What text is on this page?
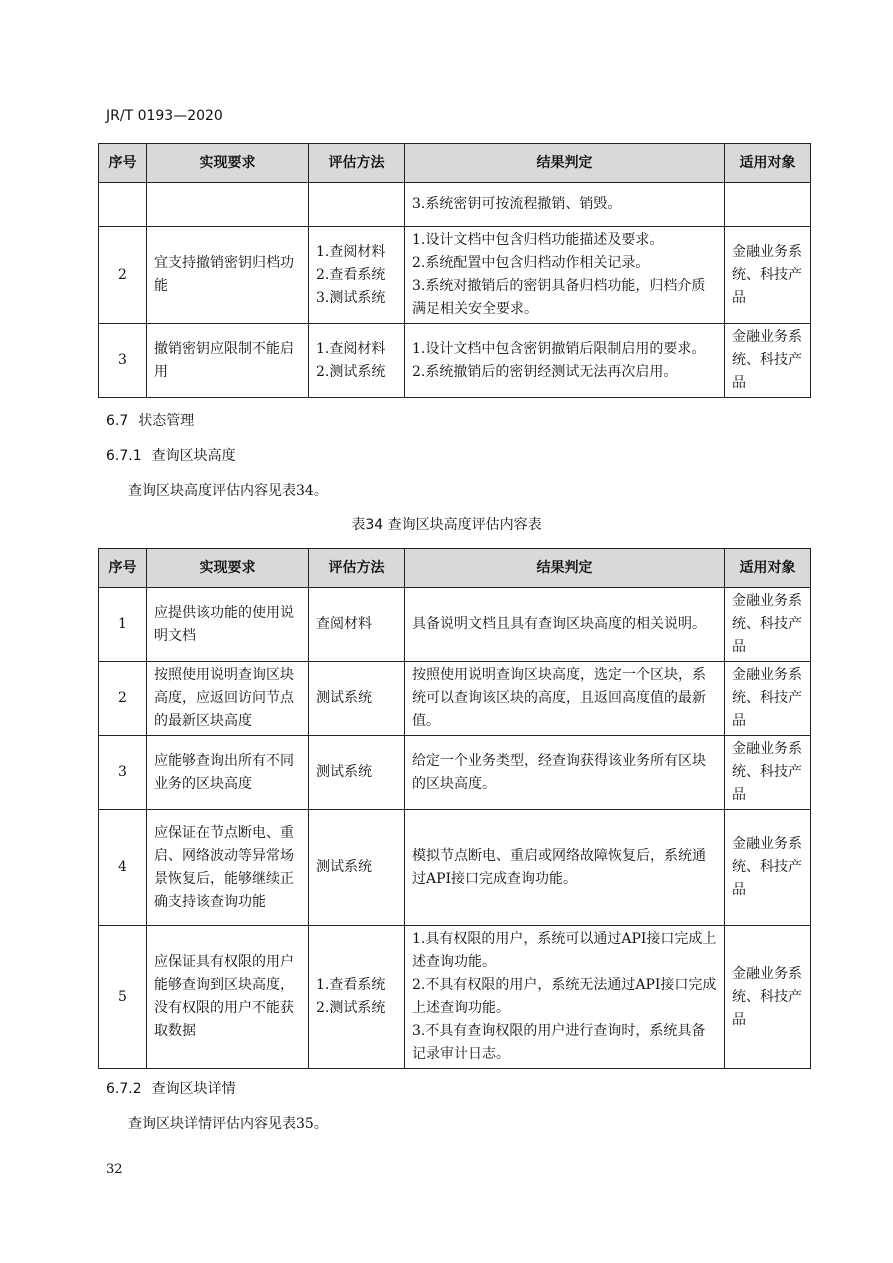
JR/T 0193—2020
序号	实现要求	评估方法	结果判定	适用对象

			3.系统密钥可按流程撤销、销毁。	

2	宜支持撤销密钥归档功能	1.查阅材料
2.查看系统
3.测试系统	1.设计文档中包含归档功能描述及要求。
2.系统配置中包含归档动作相关记录。
3.系统对撤销后的密钥具备归档功能，归档介质满足相关安全要求。	金融业务系统、科技产品

3	撤销密钥应限制不能启用	1.查阅材料
2.测试系统	1.设计文档中包含密钥撤销后限制启用的要求。
2.系统撤销后的密钥经测试无法再次启用。	金融业务系统、科技产品
6.7 状态管理
6.7.1 查询区块高度
查询区块高度评估内容见表34。
表34 查询区块高度评估内容表
序号	实现要求	评估方法	结果判定	适用对象
1	应提供该功能的使用说明文档	查阅材料	具备说明文档且具有查询区块高度的相关说明。	金融业务系统、科技产品

2	按照使用说明查询区块高度，应返回访问节点的最新区块高度	测试系统	按照使用说明查询区块高度，选定一个区块，系统可以查询该区块的高度，且返回高度值的最新值。	金融业务系统、科技产品

3	应能够查询出所有不同业务的区块高度	测试系统	给定一个业务类型，经查询获得该业务所有区块的区块高度。	金融业务系统、科技产品

4	应保证在节点断电、重启、网络波动等异常场景恢复后，能够继续正确支持该查询功能	测试系统	模拟节点断电、重启或网络故障恢复后，系统通过API接口完成查询功能。	金融业务系统、科技产品

5	应保证具有权限的用户能够查询到区块高度，没有权限的用户不能获取数据	1.查看系统
2.测试系统	1.具有权限的用户，系统可以通过API接口完成上述查询功能。
2.不具有权限的用户，系统无法通过API接口完成上述查询功能。
3.不具有查询权限的用户进行查询时，系统具备记录审计日志。	金融业务系统、科技产品
6.7.2 查询区块详情
查询区块详情评估内容见表35。
32
